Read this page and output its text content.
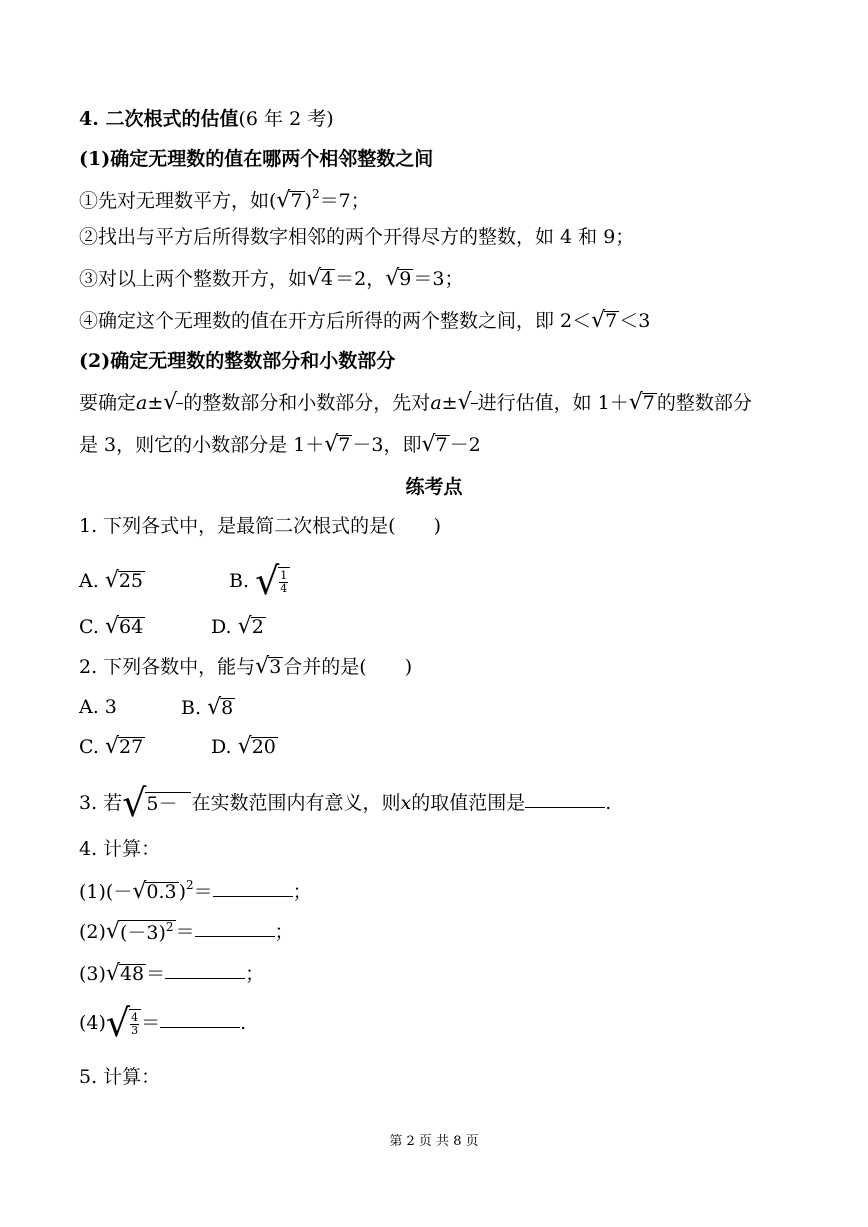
4. 二次根式的估值(6 年 2 考)
(1)确定无理数的值在哪两个相邻整数之间
①先对无理数平方，如(√7 )$^2$＝7；
②找出与平方后所得数字相邻的两个开得尽方的整数，如 4 和 9；
③对以上两个整数开方，如√4 ＝2，√9 ＝3；
④确定这个无理数的值在开方后所得的两个整数之间，即 2＜√7 ＜3
(2)确定无理数的整数部分和小数部分
要确定a±√ 的整数部分和小数部分，先对a±√ 进行估值，如 1＋√7 的整数部分
是 3，则它的小数部分是 1＋√7 －3，即√7 －2
练考点
1. 下列各式中，是最简二次根式的是(　　)
A. √25	B. √ $\frac{1}{4}$
C. √64	D. √2
2. 下列各数中，能与√3 合并的是(　　)
A. 3	B. √8
C. √27	D. √20
3. 若√5－ 在实数范围内有意义，则x的取值范围是	.
4. 计算：
(1)(－√0.3 )$^2$＝	；
$(2)√(-3)^2$ ＝	；
(3)√48 ＝	；
$(4)√ \frac{4}{3}$ ＝	.
5. 计算：
第 2 页 共 8 页
